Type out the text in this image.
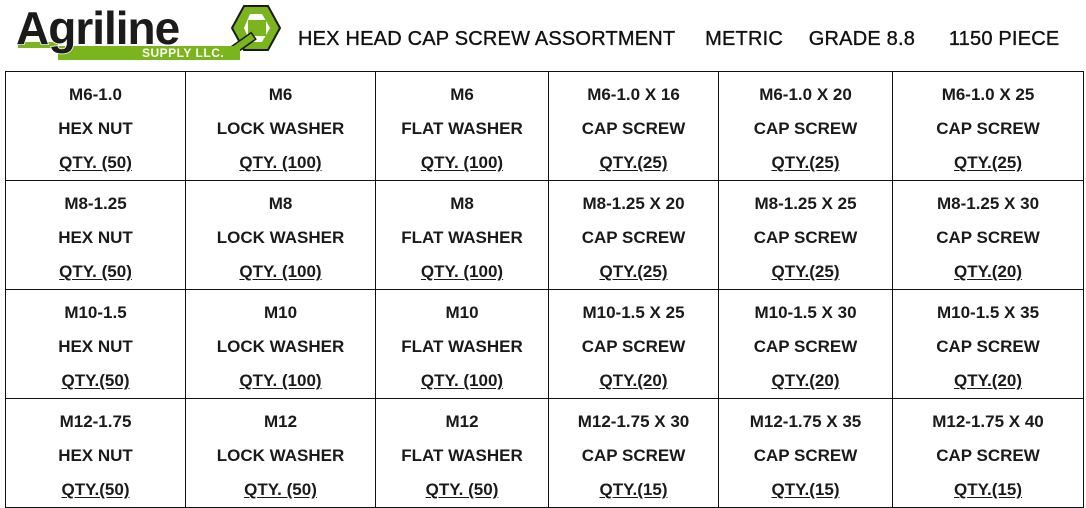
Agriline
SUPPLY LLC.
HEX HEAD CAP SCREW ASSORTMENT METRIC GRADE 8.8 1150 PIECE
M6-1.0
HEX NUT
QTY. (50)	M6
LOCK WASHER
QTY. (100)	M6
FLAT WASHER
QTY. (100)	M6-1.0 X 16
CAP SCREW
QTY.(25)	M6-1.0 X 20
CAP SCREW
QTY.(25)	M6-1.0 X 25
CAP SCREW
QTY.(25)

M8-1.25
HEX NUT
QTY. (50)	M8
LOCK WASHER
QTY. (100)	M8
FLAT WASHER
QTY. (100)	M8-1.25 X 20
CAP SCREW
QTY.(25)	M8-1.25 X 25
CAP SCREW
QTY.(25)	M8-1.25 X 30
CAP SCREW
QTY.(20)

M10-1.5
HEX NUT
QTY.(50)	M10
LOCK WASHER
QTY. (100)	M10
FLAT WASHER
QTY. (100)	M10-1.5 X 25
CAP SCREW
QTY.(20)	M10-1.5 X 30
CAP SCREW
QTY.(20)	M10-1.5 X 35
CAP SCREW
QTY.(20)

M12-1.75
HEX NUT
QTY.(50)	M12
LOCK WASHER
QTY. (50)	M12
FLAT WASHER
QTY. (50)	M12-1.75 X 30
CAP SCREW
QTY.(15)	M12-1.75 X 35
CAP SCREW
QTY.(15)	M12-1.75 X 40
CAP SCREW
QTY.(15)
